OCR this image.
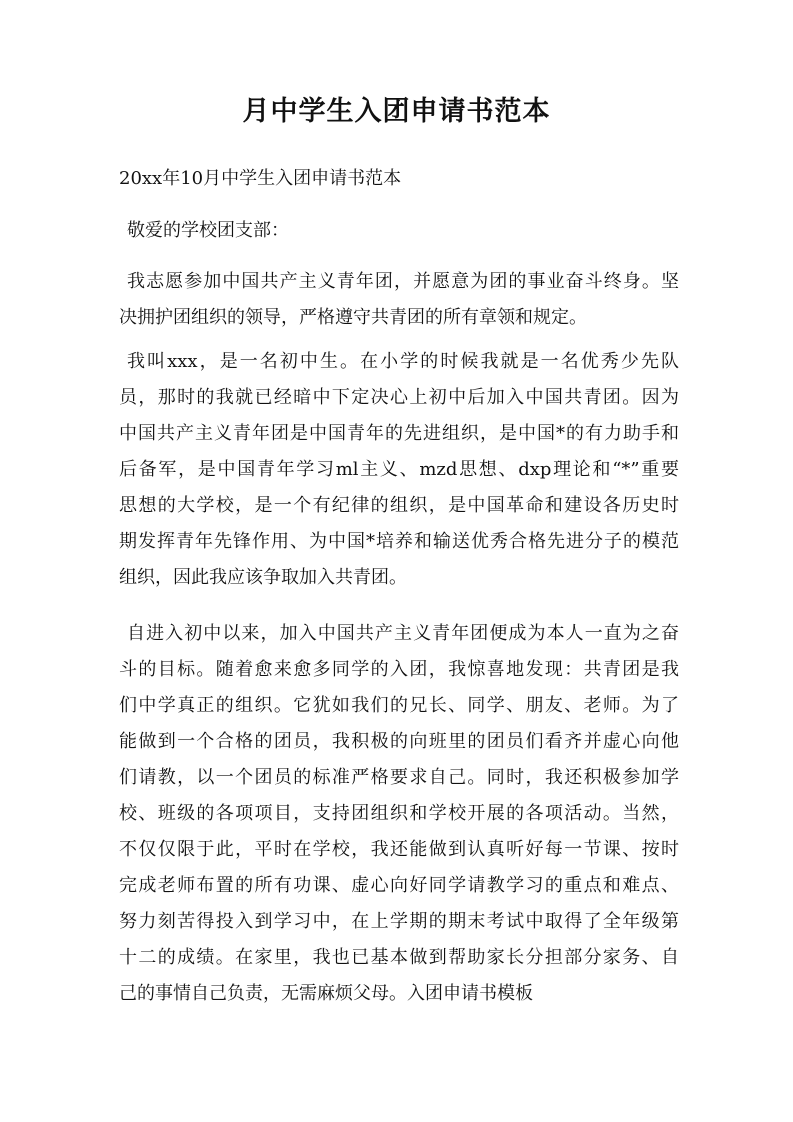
月中学生入团申请书范本

20xx年10月中学生入团申请书范本

敬爱的学校团支部：

我志愿参加中国共产主义青年团，并愿意为团的事业奋斗终身。坚
决拥护团组织的领导，严格遵守共青团的所有章领和规定。
我叫xxx，是一名初中生。在小学的时候我就是一名优秀少先队
员，那时的我就已经暗中下定决心上初中后加入中国共青团。因为
中国共产主义青年团是中国青年的先进组织，是中国*的有力助手和
后备军，是中国青年学习ml主义、mzd思想、dxp理论和“*”重要
思想的大学校，是一个有纪律的组织，是中国革命和建设各历史时
期发挥青年先锋作用、为中国*培养和输送优秀合格先进分子的模范
组织，因此我应该争取加入共青团。
自进入初中以来，加入中国共产主义青年团便成为本人一直为之奋
斗的目标。随着愈来愈多同学的入团，我惊喜地发现：共青团是我
们中学真正的组织。它犹如我们的兄长、同学、朋友、老师。为了
能做到一个合格的团员，我积极的向班里的团员们看齐并虚心向他
们请教，以一个团员的标准严格要求自己。同时，我还积极参加学
校、班级的各项项目，支持团组织和学校开展的各项活动。当然，
不仅仅限于此，平时在学校，我还能做到认真听好每一节课、按时
完成老师布置的所有功课、虚心向好同学请教学习的重点和难点、
努力刻苦得投入到学习中，在上学期的期末考试中取得了全年级第
十二的成绩。在家里，我也已基本做到帮助家长分担部分家务、自
己的事情自己负责，无需麻烦父母。入团申请书模板
